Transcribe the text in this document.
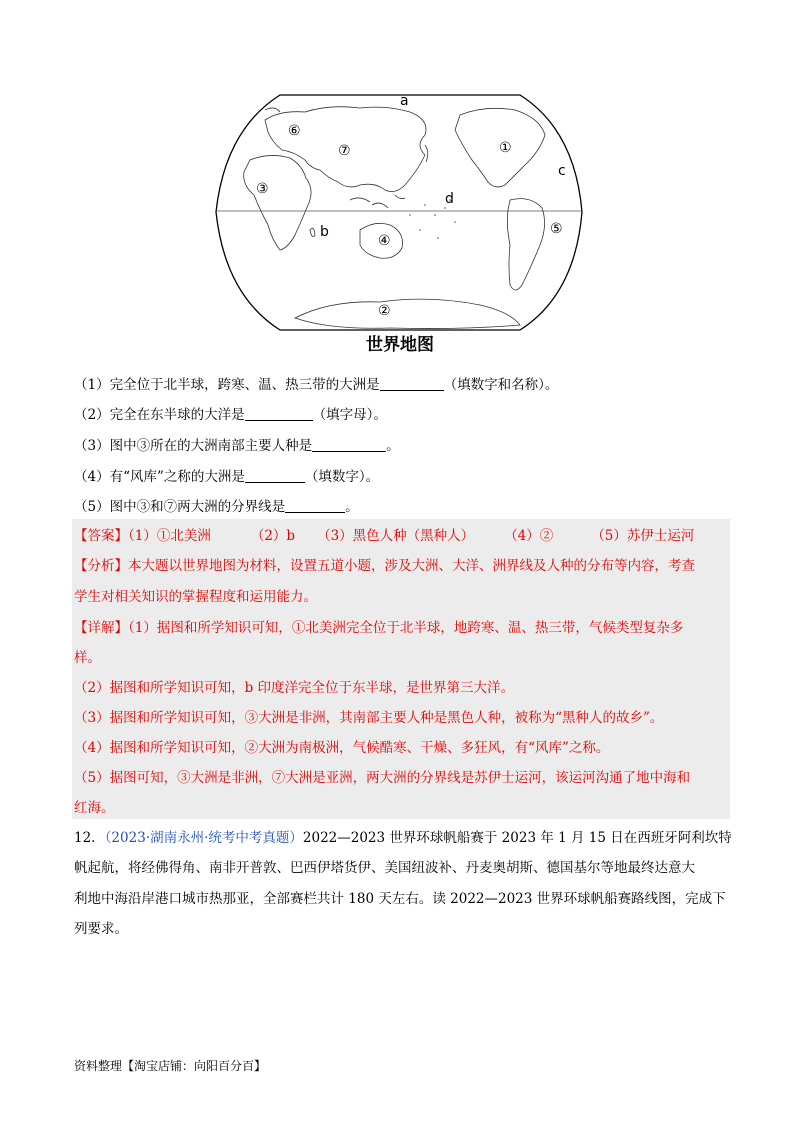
a
⑥
⑦	①
c
③
d
b
④
⑤
②
世界地图
（1）完全位于北半球，跨寒、温、热三带的大洲是	（填数字和名称）。
（2）完全在东半球的大洋是	（填字母）。
（3）图中③所在的大洲南部主要人种是	。
（4）有“风库”之称的大洲是	（填数字）。
（5）图中③和⑦两大洲的分界线是	。
【答案】（1）①北美洲	（2）b （3）黑色人种（黑种人） （4）②	（5）苏伊士运河
【分析】本大题以世界地图为材料，设置五道小题，涉及大洲、大洋、洲界线及人种的分布等内容，考查
学生对相关知识的掌握程度和运用能力。
【详解】（1）据图和所学知识可知，①北美洲完全位于北半球，地跨寒、温、热三带，气候类型复杂多
样。
（2）据图和所学知识可知，b 印度洋完全位于东半球，是世界第三大洋。
（3）据图和所学知识可知，③大洲是非洲，其南部主要人种是黑色人种，被称为“黑种人的故乡”。
（4）据图和所学知识可知，②大洲为南极洲，气候酷寒、干燥、多狂风，有“风库”之称。
（5）据图可知，③大洲是非洲，⑦大洲是亚洲，两大洲的分界线是苏伊士运河，该运河沟通了地中海和
红海。
12．（2023·湖南永州·统考中考真题）2022—2023 世界环球帆船赛于 2023 年 1 月 15 日在西班牙阿利坎特
帆起航，将经佛得角、南非开普敦、巴西伊塔货伊、美国纽波补、丹麦奥胡斯、德国基尔等地最终达意大
利地中海沿岸港口城市热那亚，全部赛栏共计 180 天左右。读 2022—2023 世界环球帆船赛路线图，完成下
列要求。
资料整理【淘宝店铺：向阳百分百】
